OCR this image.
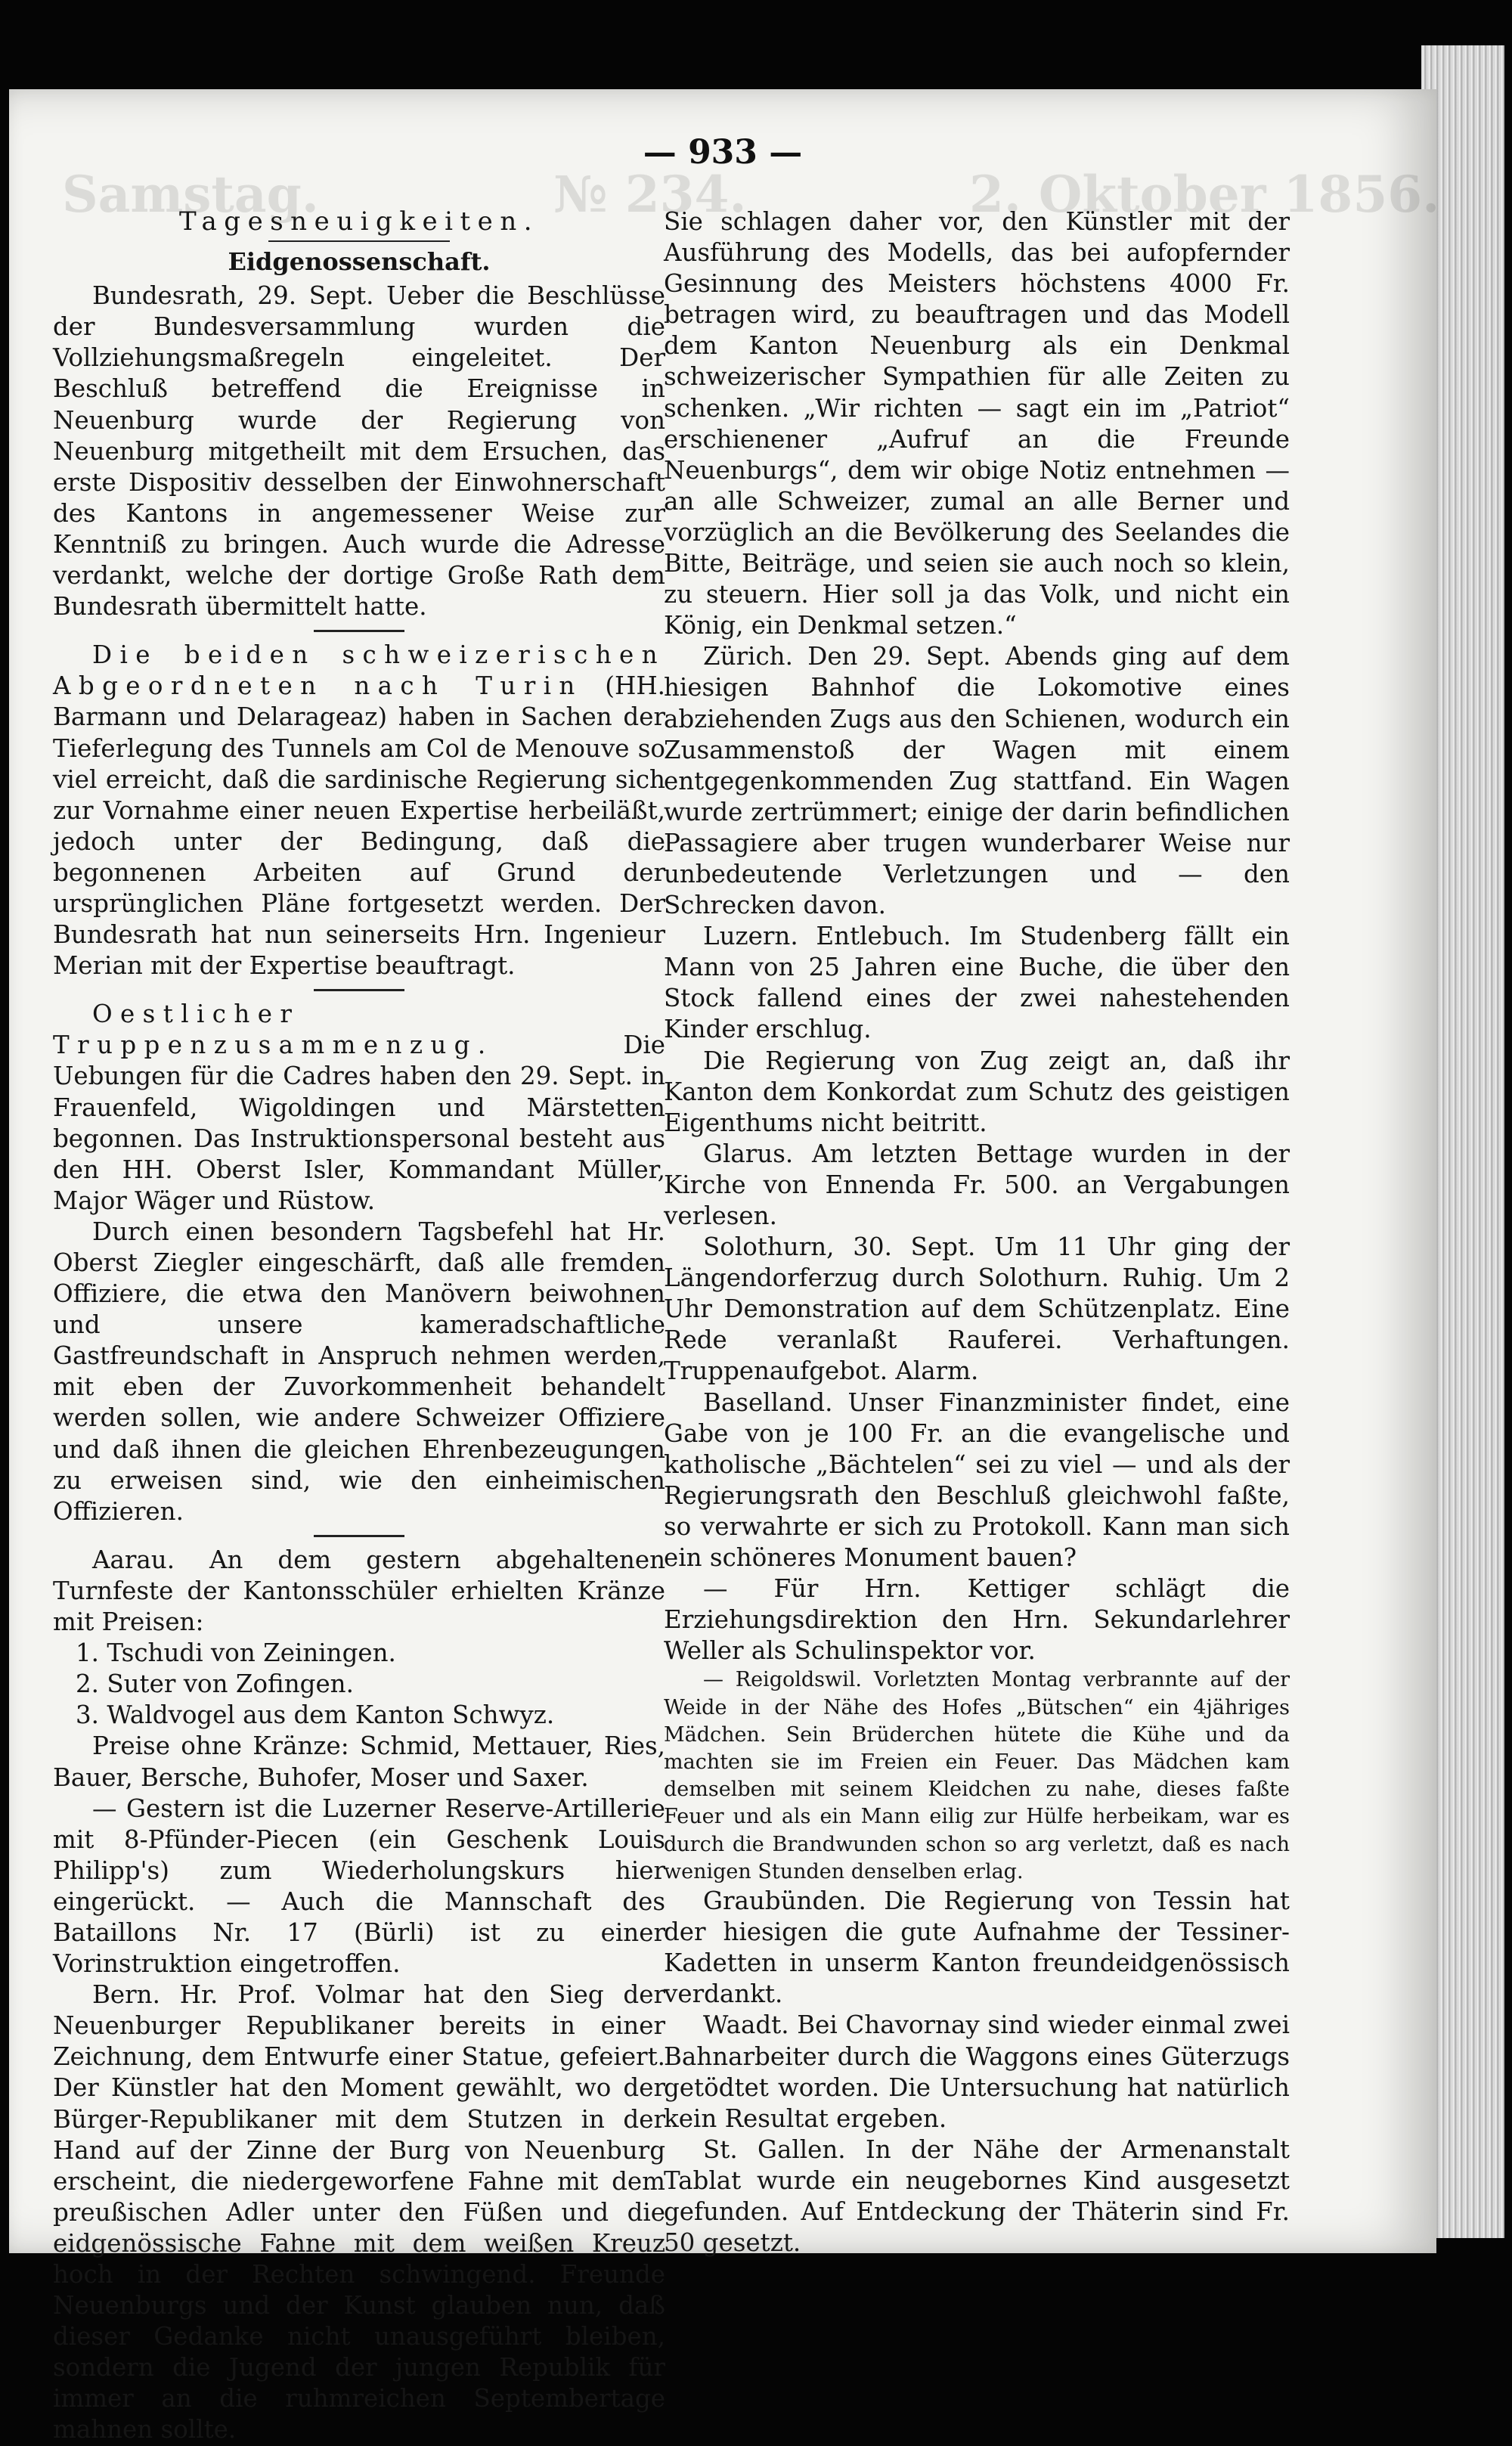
Samstag.	№ 234.	2. Oktober 1856.
— 933 —
Tagesneuigkeiten.
Eidgenossenschaft.

Bundesrath, 29. Sept. Ueber die Beschlüsse der Bundesversammlung wurden die Vollziehungsmaßregeln eingeleitet. Der Beschluß betreffend die Ereignisse in Neuenburg wurde der Regierung von Neuenburg mitgetheilt mit dem Ersuchen, das erste Dispositiv desselben der Einwohnerschaft des Kantons in angemessener Weise zur Kenntniß zu bringen. Auch wurde die Adresse verdankt, welche der dortige Große Rath dem Bundesrath übermittelt hatte.

Die beiden schweizerischen Abgeordneten nach Turin (HH. Barmann und Delarageaz) haben in Sachen der Tieferlegung des Tunnels am Col de Menouve so viel erreicht, daß die sardinische Regierung sich zur Vornahme einer neuen Expertise herbeiläßt, jedoch unter der Bedingung, daß die begonnenen Arbeiten auf Grund der ursprünglichen Pläne fortgesetzt werden. Der Bundesrath hat nun seinerseits Hrn. Ingenieur Merian mit der Expertise beauftragt.

Oestlicher Truppenzusammenzug.	Die Uebungen für die Cadres haben den 29. Sept. in Frauenfeld, Wigoldingen und Märstetten begonnen. Das Instruktionspersonal besteht aus den HH. Oberst Isler, Kommandant Müller, Major Wäger und Rüstow.

Durch einen besondern Tagsbefehl hat Hr. Oberst Ziegler eingeschärft, daß alle fremden Offiziere, die etwa den Manövern beiwohnen und unsere kameradschaftliche Gastfreundschaft in Anspruch nehmen werden, mit eben der Zuvorkommenheit behandelt werden sollen, wie andere Schweizer Offiziere und daß ihnen die gleichen Ehrenbezeugungen zu erweisen sind, wie den einheimischen Offizieren.

Aarau. An dem gestern abgehaltenen Turnfeste der Kantonsschüler erhielten Kränze mit Preisen:

1. Tschudi von Zeiningen.

2. Suter von Zofingen.

3. Waldvogel aus dem Kanton Schwyz.

Preise ohne Kränze: Schmid, Mettauer, Ries, Bauer, Bersche, Buhofer, Moser und Saxer.

— Gestern ist die Luzerner Reserve-Artillerie mit 8-Pfünder-Piecen (ein Geschenk Louis Philipp's) zum Wiederholungskurs hier eingerückt. — Auch die Mannschaft des Bataillons Nr. 17 (Bürli) ist zu einer Vorinstruktion eingetroffen.

Bern. Hr. Prof. Volmar hat den Sieg der Neuenburger Republikaner bereits in einer Zeichnung, dem Entwurfe einer Statue, gefeiert. Der Künstler hat den Moment gewählt, wo der Bürger-Republikaner mit dem Stutzen in der Hand auf der Zinne der Burg von Neuenburg erscheint, die niedergeworfene Fahne mit dem preußischen Adler unter den Füßen und die eidgenössische Fahne mit dem weißen Kreuz hoch in der Rechten schwingend. Freunde Neuenburgs und der Kunst glauben nun, daß dieser Gedanke nicht unausgeführt bleiben, sondern die Jugend der jungen Republik für immer an die ruhmreichen Septembertage mahnen sollte.

Sie schlagen daher vor, den Künstler mit der Ausführung des Modells, das bei aufopfernder Gesinnung des Meisters höchstens 4000 Fr. betragen wird, zu beauftragen und das Modell dem Kanton Neuenburg als ein Denkmal schweizerischer Sympathien für alle Zeiten zu schenken. „Wir richten — sagt ein im „Patriot“ erschienener „Aufruf an die Freunde Neuenburgs“, dem wir obige Notiz entnehmen — an alle Schweizer, zumal an alle Berner und vorzüglich an die Bevölkerung des Seelandes die Bitte, Beiträge, und seien sie auch noch so klein, zu steuern. Hier soll ja das Volk, und nicht ein König, ein Denkmal setzen.“

Zürich. Den 29. Sept. Abends ging auf dem hiesigen Bahnhof die Lokomotive eines abziehenden Zugs aus den Schienen, wodurch ein Zusammenstoß der Wagen mit einem entgegenkommenden Zug stattfand. Ein Wagen wurde zertrümmert; einige der darin befindlichen Passagiere aber trugen wunderbarer Weise nur unbedeutende Verletzungen und — den Schrecken davon.

Luzern. Entlebuch. Im Studenberg fällt ein Mann von 25 Jahren eine Buche, die über den Stock fallend eines der zwei nahestehenden Kinder erschlug.

Die Regierung von Zug zeigt an, daß ihr Kanton dem Konkordat zum Schutz des geistigen Eigenthums nicht beitritt.

Glarus. Am letzten Bettage wurden in der Kirche von Ennenda Fr. 500. an Vergabungen verlesen.

Solothurn, 30. Sept. Um 11 Uhr ging der Längendorferzug durch Solothurn. Ruhig. Um 2 Uhr Demonstration auf dem Schützenplatz. Eine Rede veranlaßt Rauferei. Verhaftungen. Truppenaufgebot. Alarm.

Baselland. Unser Finanzminister findet, eine Gabe von je 100 Fr. an die evangelische und katholische „Bächtelen“ sei zu viel — und als der Regierungsrath den Beschluß gleichwohl faßte, so verwahrte er sich zu Protokoll. Kann man sich ein schöneres Monument bauen?

— Für Hrn. Kettiger schlägt die Erziehungsdirektion den Hrn. Sekundarlehrer Weller als Schulinspektor vor.

— Reigoldswil. Vorletzten Montag verbrannte auf der Weide in der Nähe des Hofes „Bütschen“ ein 4jähriges Mädchen. Sein Brüderchen hütete die Kühe und da machten sie im Freien ein Feuer. Das Mädchen kam demselben mit seinem Kleidchen zu nahe, dieses faßte Feuer und als ein Mann eilig zur Hülfe herbeikam, war es durch die Brandwunden schon so arg verletzt, daß es nach wenigen Stunden denselben erlag.

Graubünden. Die Regierung von Tessin hat der hiesigen die gute Aufnahme der Tessiner-Kadetten in unserm Kanton freundeidgenössisch verdankt.

Waadt. Bei Chavornay sind wieder einmal zwei Bahnarbeiter durch die Waggons eines Güterzugs getödtet worden. Die Untersuchung hat natürlich kein Resultat ergeben.

St. Gallen. In der Nähe der Armenanstalt Tablat wurde ein neugebornes Kind ausgesetzt gefunden. Auf Entdeckung der Thäterin sind Fr. 50 gesetzt.
